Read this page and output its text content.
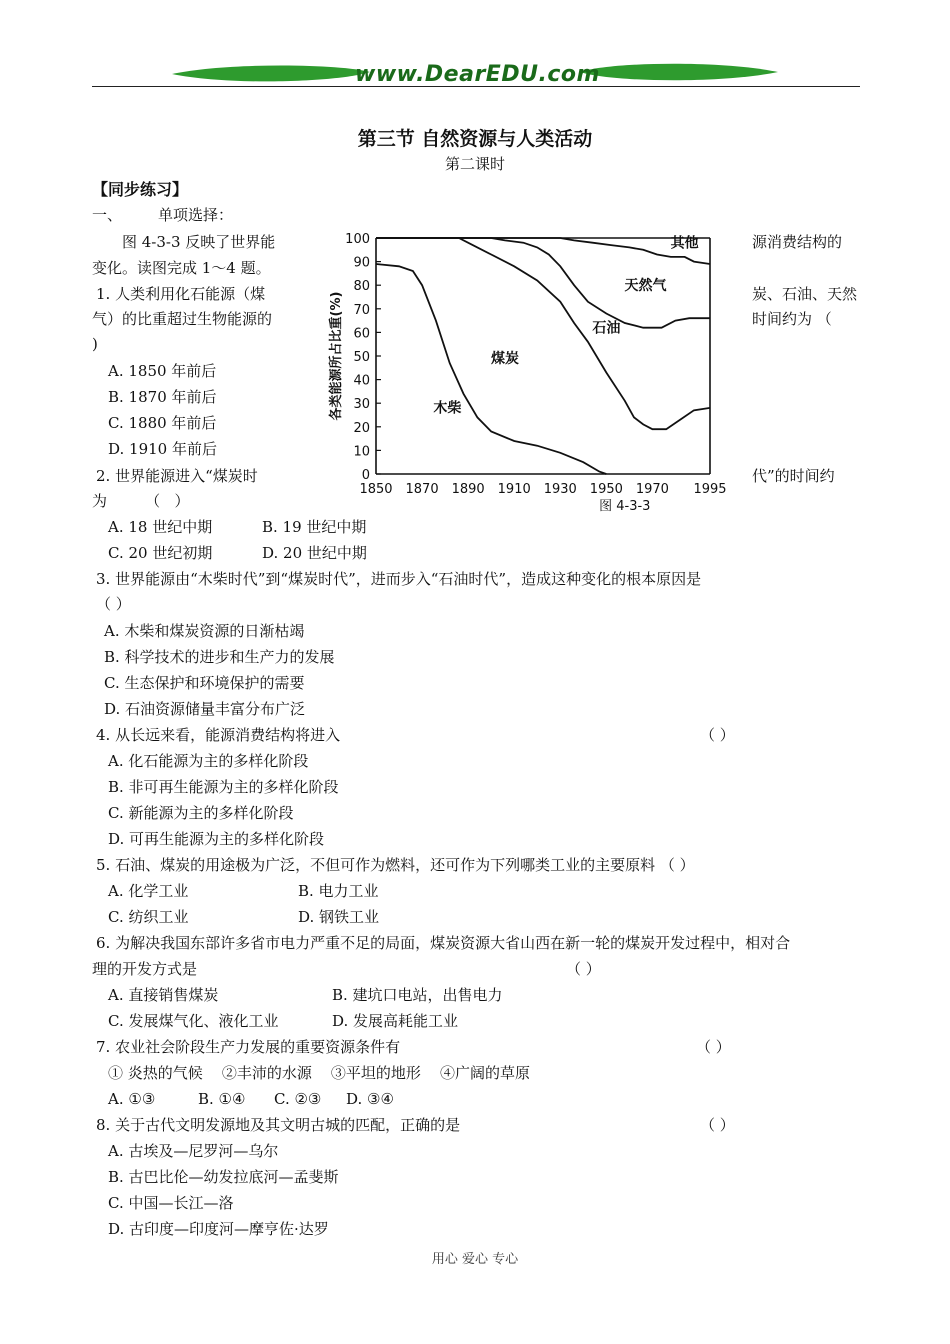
www.DearEDU.com
第三节 自然资源与人类活动
第二课时
【同步练习】
一、 单项选择：
图 4-3-3 反映了世界能	源消费结构的
变化。读图完成 1～4 题。
1. 人类利用化石能源（煤	炭、石油、天然
气）的比重超过生物能源的	时间约为 （
)
A. 1850 年前后
B. 1870 年前后
C. 1880 年前后
D. 1910 年前后
2. 世界能源进入“煤炭时	代”的时间约
为        （   ）
A. 18 世纪中期	B. 19 世纪中期
C. 20 世纪初期	D. 20 世纪中期
0
10
20
30
40
50
60
70
80
90
100
1850 1870 1890 1910 1930 1950 1970 1995
木柴
煤炭
石油
天然气
其他
各类能源所占比重(%)
图 4-3-3
3. 世界能源由“木柴时代”到“煤炭时代”，进而步入“石油时代”，造成这种变化的根本原因是
（ ）
A. 木柴和煤炭资源的日渐枯竭
B. 科学技术的进步和生产力的发展
C. 生态保护和环境保护的需要
D. 石油资源储量丰富分布广泛
4. 从长远来看，能源消费结构将进入	（ ）
A. 化石能源为主的多样化阶段
B. 非可再生能源为主的多样化阶段
C. 新能源为主的多样化阶段
D. 可再生能源为主的多样化阶段
5. 石油、煤炭的用途极为广泛，不但可作为燃料，还可作为下列哪类工业的主要原料 （ ）
A. 化学工业	B. 电力工业
C. 纺织工业	D. 钢铁工业
6. 为解决我国东部许多省市电力严重不足的局面，煤炭资源大省山西在新一轮的煤炭开发过程中，相对合
理的开发方式是	（ ）
A. 直接销售煤炭	B. 建坑口电站，出售电力
C. 发展煤气化、液化工业	D. 发展高耗能工业
7. 农业社会阶段生产力发展的重要资源条件有	（ ）
① 炎热的气候    ②丰沛的水源    ③平坦的地形    ④广阔的草原
A. ①③	B. ①④ C. ②③ D. ③④
8. 关于古代文明发源地及其文明古城的匹配，正确的是	（ ）
A. 古埃及—尼罗河—乌尔
B. 古巴比伦—幼发拉底河—孟斐斯
C. 中国—长江—洛
D. 古印度—印度河—摩亨佐·达罗
用心 爱心 专心
